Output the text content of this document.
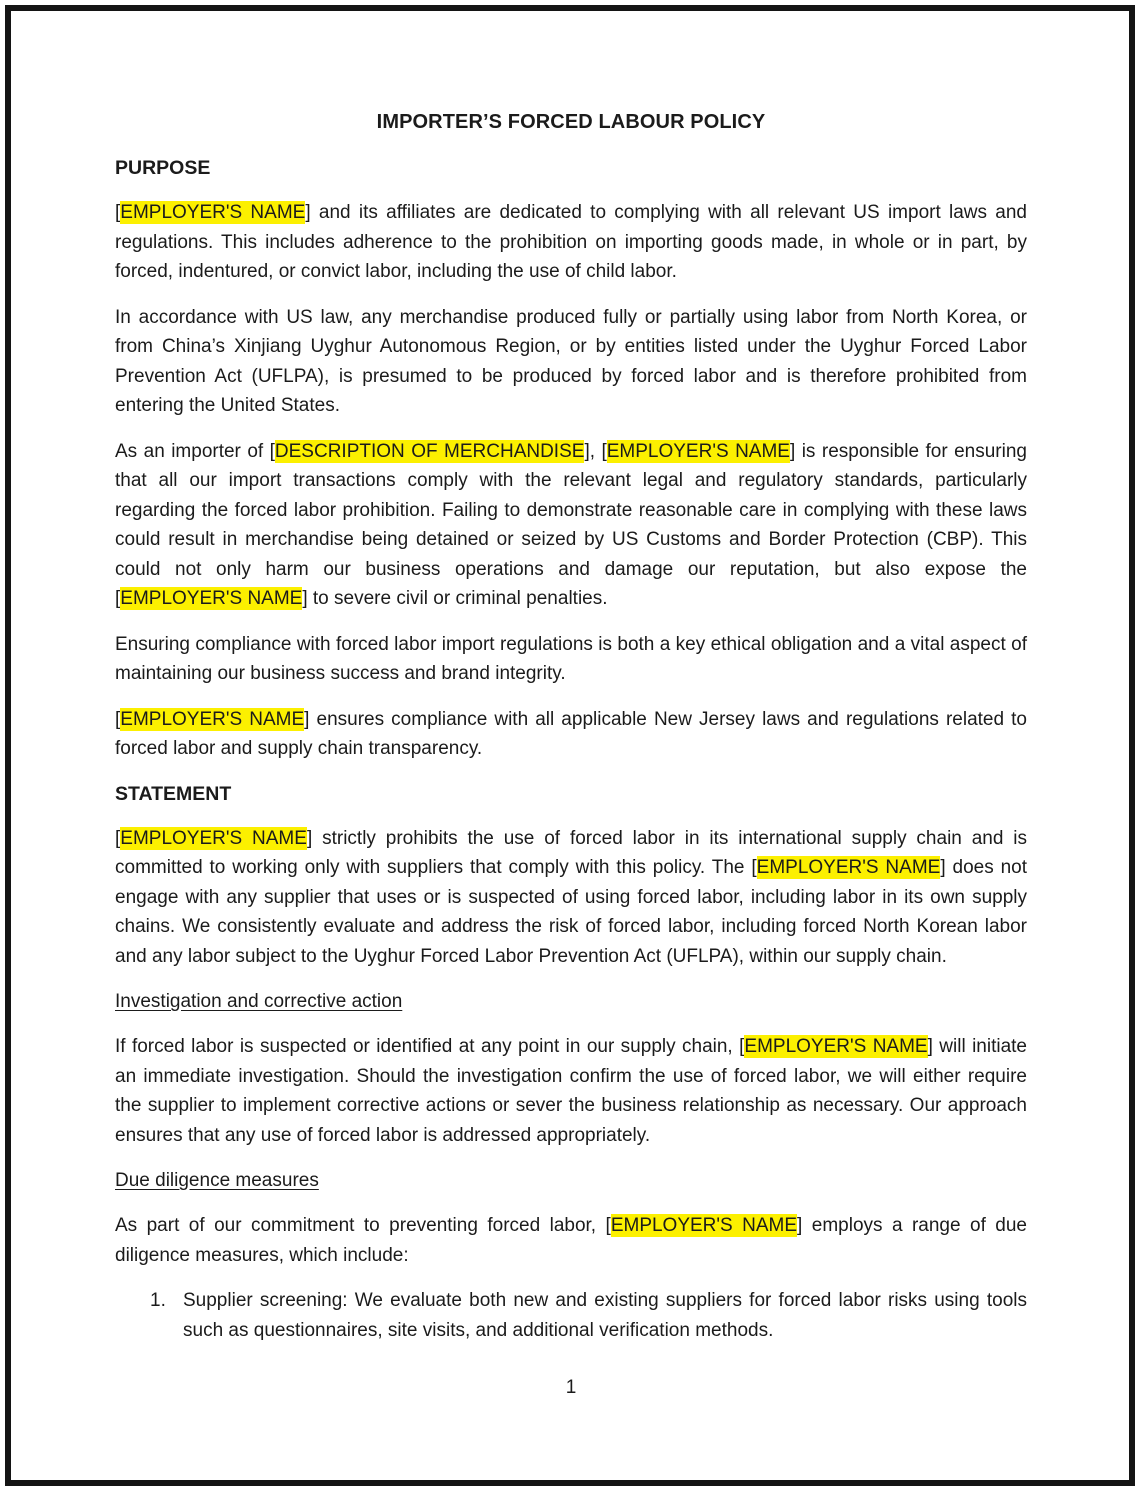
IMPORTER’S FORCED LABOUR POLICY
PURPOSE

[EMPLOYER'S NAME] and its affiliates are dedicated to complying with all relevant US import laws and regulations. This includes adherence to the prohibition on importing goods made, in whole or in part, by forced, indentured, or convict labor, including the use of child labor.

In accordance with US law, any merchandise produced fully or partially using labor from North Korea, or from China’s Xinjiang Uyghur Autonomous Region, or by entities listed under the Uyghur Forced Labor Prevention Act (UFLPA), is presumed to be produced by forced labor and is therefore prohibited from entering the United States.

As an importer of [DESCRIPTION OF MERCHANDISE], [EMPLOYER'S NAME] is responsible for ensuring that all our import transactions comply with the relevant legal and regulatory standards, particularly regarding the forced labor prohibition. Failing to demonstrate reasonable care in complying with these laws could result in merchandise being detained or seized by US Customs and Border Protection (CBP). This could not only harm our business operations and damage our reputation, but also expose the [EMPLOYER'S NAME] to severe civil or criminal penalties.

Ensuring compliance with forced labor import regulations is both a key ethical obligation and a vital aspect of maintaining our business success and brand integrity.

[EMPLOYER'S NAME] ensures compliance with all applicable New Jersey laws and regulations related to forced labor and supply chain transparency.

STATEMENT

[EMPLOYER'S NAME] strictly prohibits the use of forced labor in its international supply chain and is committed to working only with suppliers that comply with this policy. The [EMPLOYER'S NAME] does not engage with any supplier that uses or is suspected of using forced labor, including labor in its own supply chains. We consistently evaluate and address the risk of forced labor, including forced North Korean labor and any labor subject to the Uyghur Forced Labor Prevention Act (UFLPA), within our supply chain.

Investigation and corrective action

If forced labor is suspected or identified at any point in our supply chain, [EMPLOYER'S NAME] will initiate an immediate investigation. Should the investigation confirm the use of forced labor, we will either require the supplier to implement corrective actions or sever the business relationship as necessary. Our approach ensures that any use of forced labor is addressed appropriately.

Due diligence measures

As part of our commitment to preventing forced labor, [EMPLOYER'S NAME] employs a range of due diligence measures, which include:

1. Supplier screening: We evaluate both new and existing suppliers for forced labor risks using tools such as questionnaires, site visits, and additional verification methods.
1
